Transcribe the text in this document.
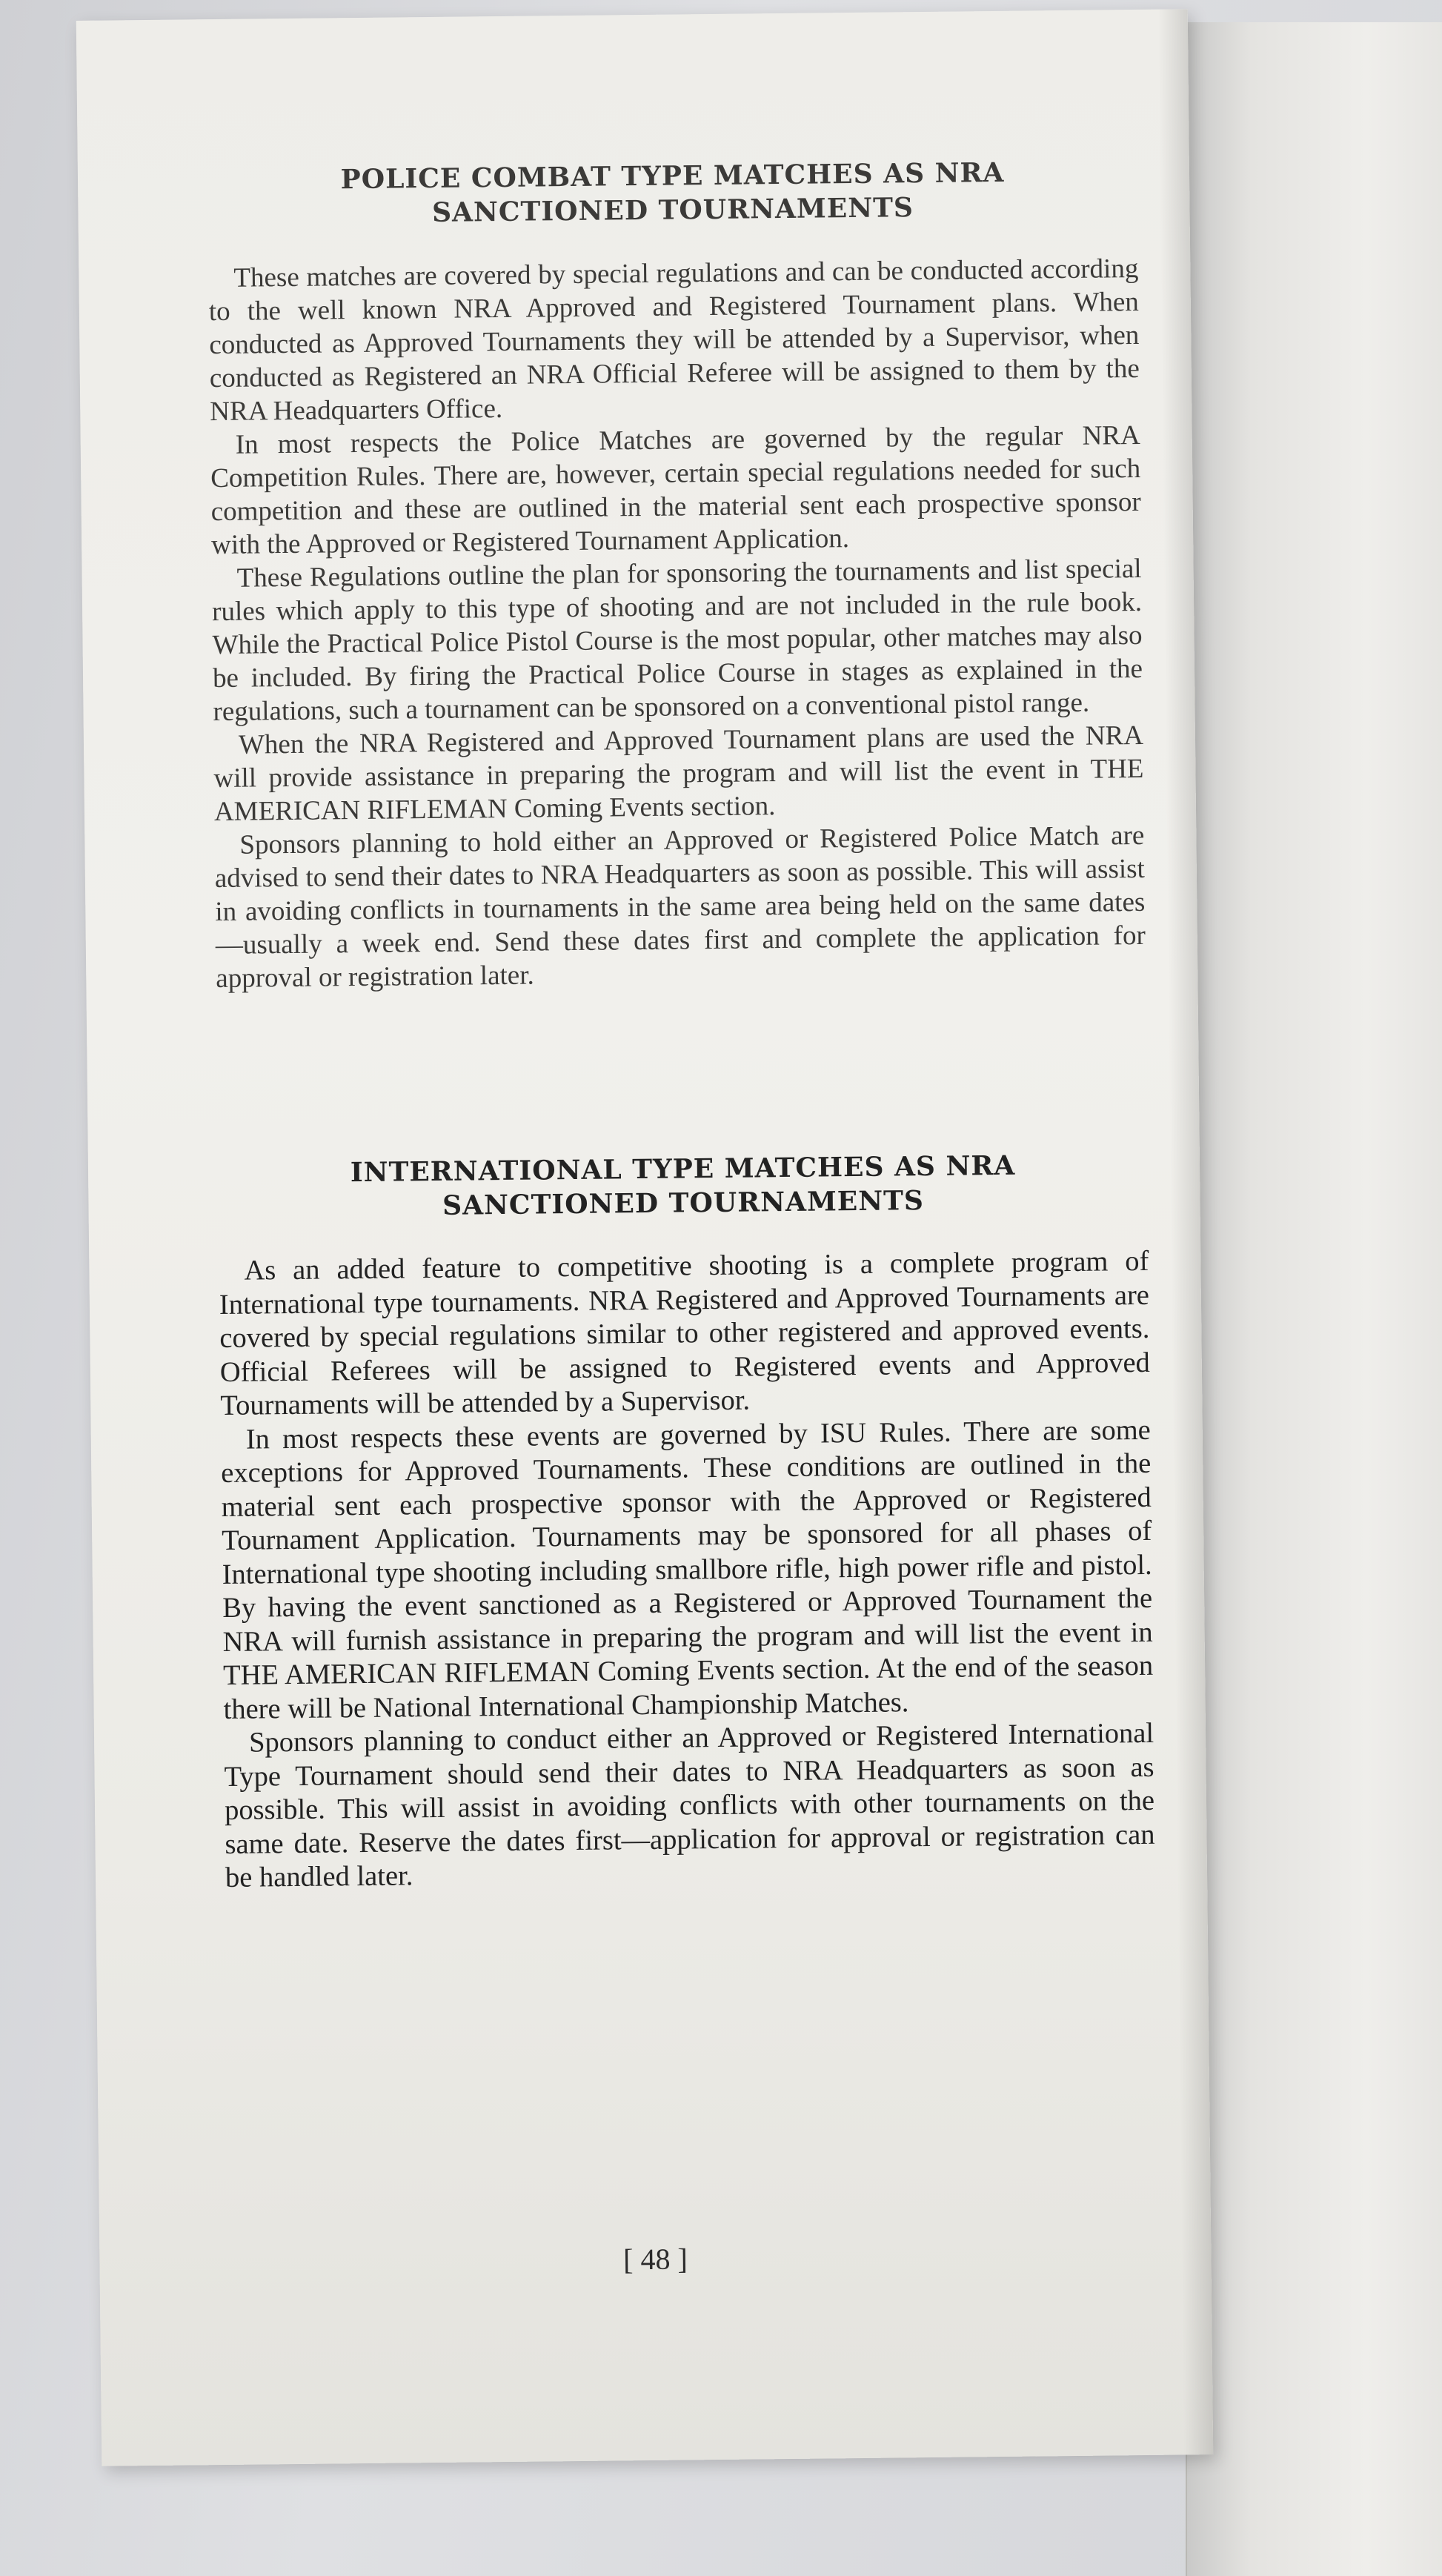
POLICE COMBAT TYPE MATCHES AS NRA
SANCTIONED TOURNAMENTS

These matches are covered by special regulations and can be conducted according to the well known NRA Approved and Registered Tournament plans. When conducted as Approved Tournaments they will be attended by a Supervisor, when conducted as Registered an NRA Official Referee will be assigned to them by the NRA Headquarters Office.

In most respects the Police Matches are governed by the regular NRA Competition Rules. There are, however, certain special regulations needed for such competition and these are outlined in the material sent each prospective sponsor with the Approved or Registered Tournament Application.

These Regulations outline the plan for sponsoring the tournaments and list special rules which apply to this type of shooting and are not included in the rule book. While the Practical Police Pistol Course is the most popular, other matches may also be included. By firing the Practical Police Course in stages as explained in the regulations, such a tournament can be sponsored on a conventional pistol range.

When the NRA Registered and Approved Tournament plans are used the NRA will provide assistance in preparing the program and will list the event in THE AMERICAN RIFLEMAN Coming Events section.

Sponsors planning to hold either an Approved or Registered Police Match are advised to send their dates to NRA Headquarters as soon as possible. This will assist in avoiding conflicts in tournaments in the same area being held on the same dates—usually a week end. Send these dates first and complete the application for approval or registration later.

INTERNATIONAL TYPE MATCHES AS NRA
SANCTIONED TOURNAMENTS

As an added feature to competitive shooting is a complete program of International type tournaments. NRA Registered and Approved Tournaments are covered by special regulations similar to other registered and approved events. Official Referees will be assigned to Registered events and Approved Tournaments will be attended by a Supervisor.

In most respects these events are governed by ISU Rules. There are some exceptions for Approved Tournaments. These conditions are outlined in the material sent each prospective sponsor with the Approved or Registered Tournament Application. Tournaments may be sponsored for all phases of International type shooting including smallbore rifle, high power rifle and pistol. By having the event sanctioned as a Registered or Approved Tournament the NRA will furnish assistance in preparing the program and will list the event in THE AMERICAN RIFLEMAN Coming Events section. At the end of the season there will be National International Championship Matches.

Sponsors planning to conduct either an Approved or Registered International Type Tournament should send their dates to NRA Headquarters as soon as possible. This will assist in avoiding conflicts with other tournaments on the same date. Reserve the dates first—application for approval or registration can be handled later.

[ 48 ]
